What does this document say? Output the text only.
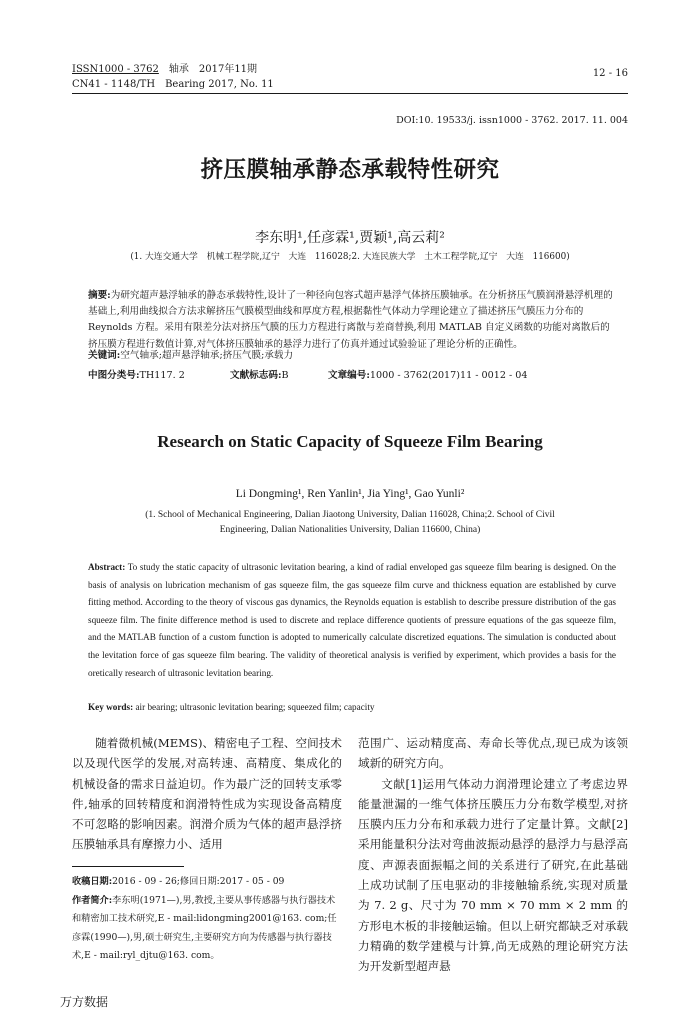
ISSN1000 - 3762 轴承 2017年11期
CN41 - 1148/TH Bearing 2017, No. 11
12 - 16
DOI:10. 19533/j. issn1000 - 3762. 2017. 11. 004
挤压膜轴承静态承载特性研究
李东明¹,任彦霖¹,贾颖¹,高云莉²
(1. 大连交通大学　机械工程学院,辽宁　大连　116028;2. 大连民族大学　土木工程学院,辽宁　大连　116600)
摘要:为研究超声悬浮轴承的静态承载特性,设计了一种径向包容式超声悬浮气体挤压膜轴承。在分析挤压气膜润滑悬浮机理的基础上,利用曲线拟合方法求解挤压气膜模型曲线和厚度方程,根据黏性气体动力学理论建立了描述挤压气膜压力分布的 Reynolds 方程。采用有限差分法对挤压气膜的压力方程进行离散与差商替换,利用 MATLAB 自定义函数的功能对离散后的挤压膜方程进行数值计算,对气体挤压膜轴承的悬浮力进行了仿真并通过试验验证了理论分析的正确性。
关键词:空气轴承;超声悬浮轴承;挤压气膜;承载力
中图分类号:TH117. 2	文献标志码:B	文章编号:1000 - 3762(2017)11 - 0012 - 04
Research on Static Capacity of Squeeze Film Bearing
Li Dongming¹, Ren Yanlin¹, Jia Ying¹, Gao Yunli²
(1. School of Mechanical Engineering, Dalian Jiaotong University, Dalian 116028, China;2. School of Civil
Engineering, Dalian Nationalities University, Dalian 116600, China)
Abstract: To study the static capacity of ultrasonic levitation bearing, a kind of radial enveloped gas squeeze film bearing is designed. On the basis of analysis on lubrication mechanism of gas squeeze film, the gas squeeze film curve and thickness equation are established by curve fitting method. According to the theory of viscous gas dynamics, the Reynolds equation is establish to describe pressure distribution of the gas squeeze film. The finite difference method is used to discrete and replace difference quotients of pressure equations of the gas squeeze film, and the MATLAB function of a custom function is adopted to numerically calculate discretized equations. The simulation is conducted about the levitation force of gas squeeze film bearing. The validity of theoretical analysis is verified by experiment, which provides a basis for the oretically research of ultrasonic levitation bearing.
Key words: air bearing; ultrasonic levitation bearing; squeezed film; capacity

随着微机械(MEMS)、精密电子工程、空间技术以及现代医学的发展,对高转速、高精度、集成化的机械设备的需求日益迫切。作为最广泛的回转支承零件,轴承的回转精度和润滑特性成为实现设备高精度不可忽略的影响因素。润滑介质为气体的超声悬浮挤压膜轴承具有摩擦力小、适用

范围广、运动精度高、寿命长等优点,现已成为该领域新的研究方向。

文献[1]运用气体动力润滑理论建立了考虑边界能量泄漏的一维气体挤压膜压力分布数学模型,对挤压膜内压力分布和承载力进行了定量计算。文献[2]采用能量积分法对弯曲波振动悬浮的悬浮力与悬浮高度、声源表面振幅之间的关系进行了研究,在此基础上成功试制了压电驱动的非接触输系统,实现对质量为 7. 2 g、尺寸为 70 mm × 70 mm × 2 mm 的方形电木板的非接触运输。但以上研究都缺乏对承载力精确的数学建模与计算,尚无成熟的理论研究方法为开发新型超声悬

收稿日期:2016 - 09 - 26;修回日期:2017 - 05 - 09
作者简介:李东明(1971—),男,教授,主要从事传感器与执行器技术和精密加工技术研究,E - mail:lidongming2001@163. com;任彦霖(1990—),男,硕士研究生,主要研究方向为传感器与执行器技术,E - mail:ryl_djtu@163. com。
万方数据
